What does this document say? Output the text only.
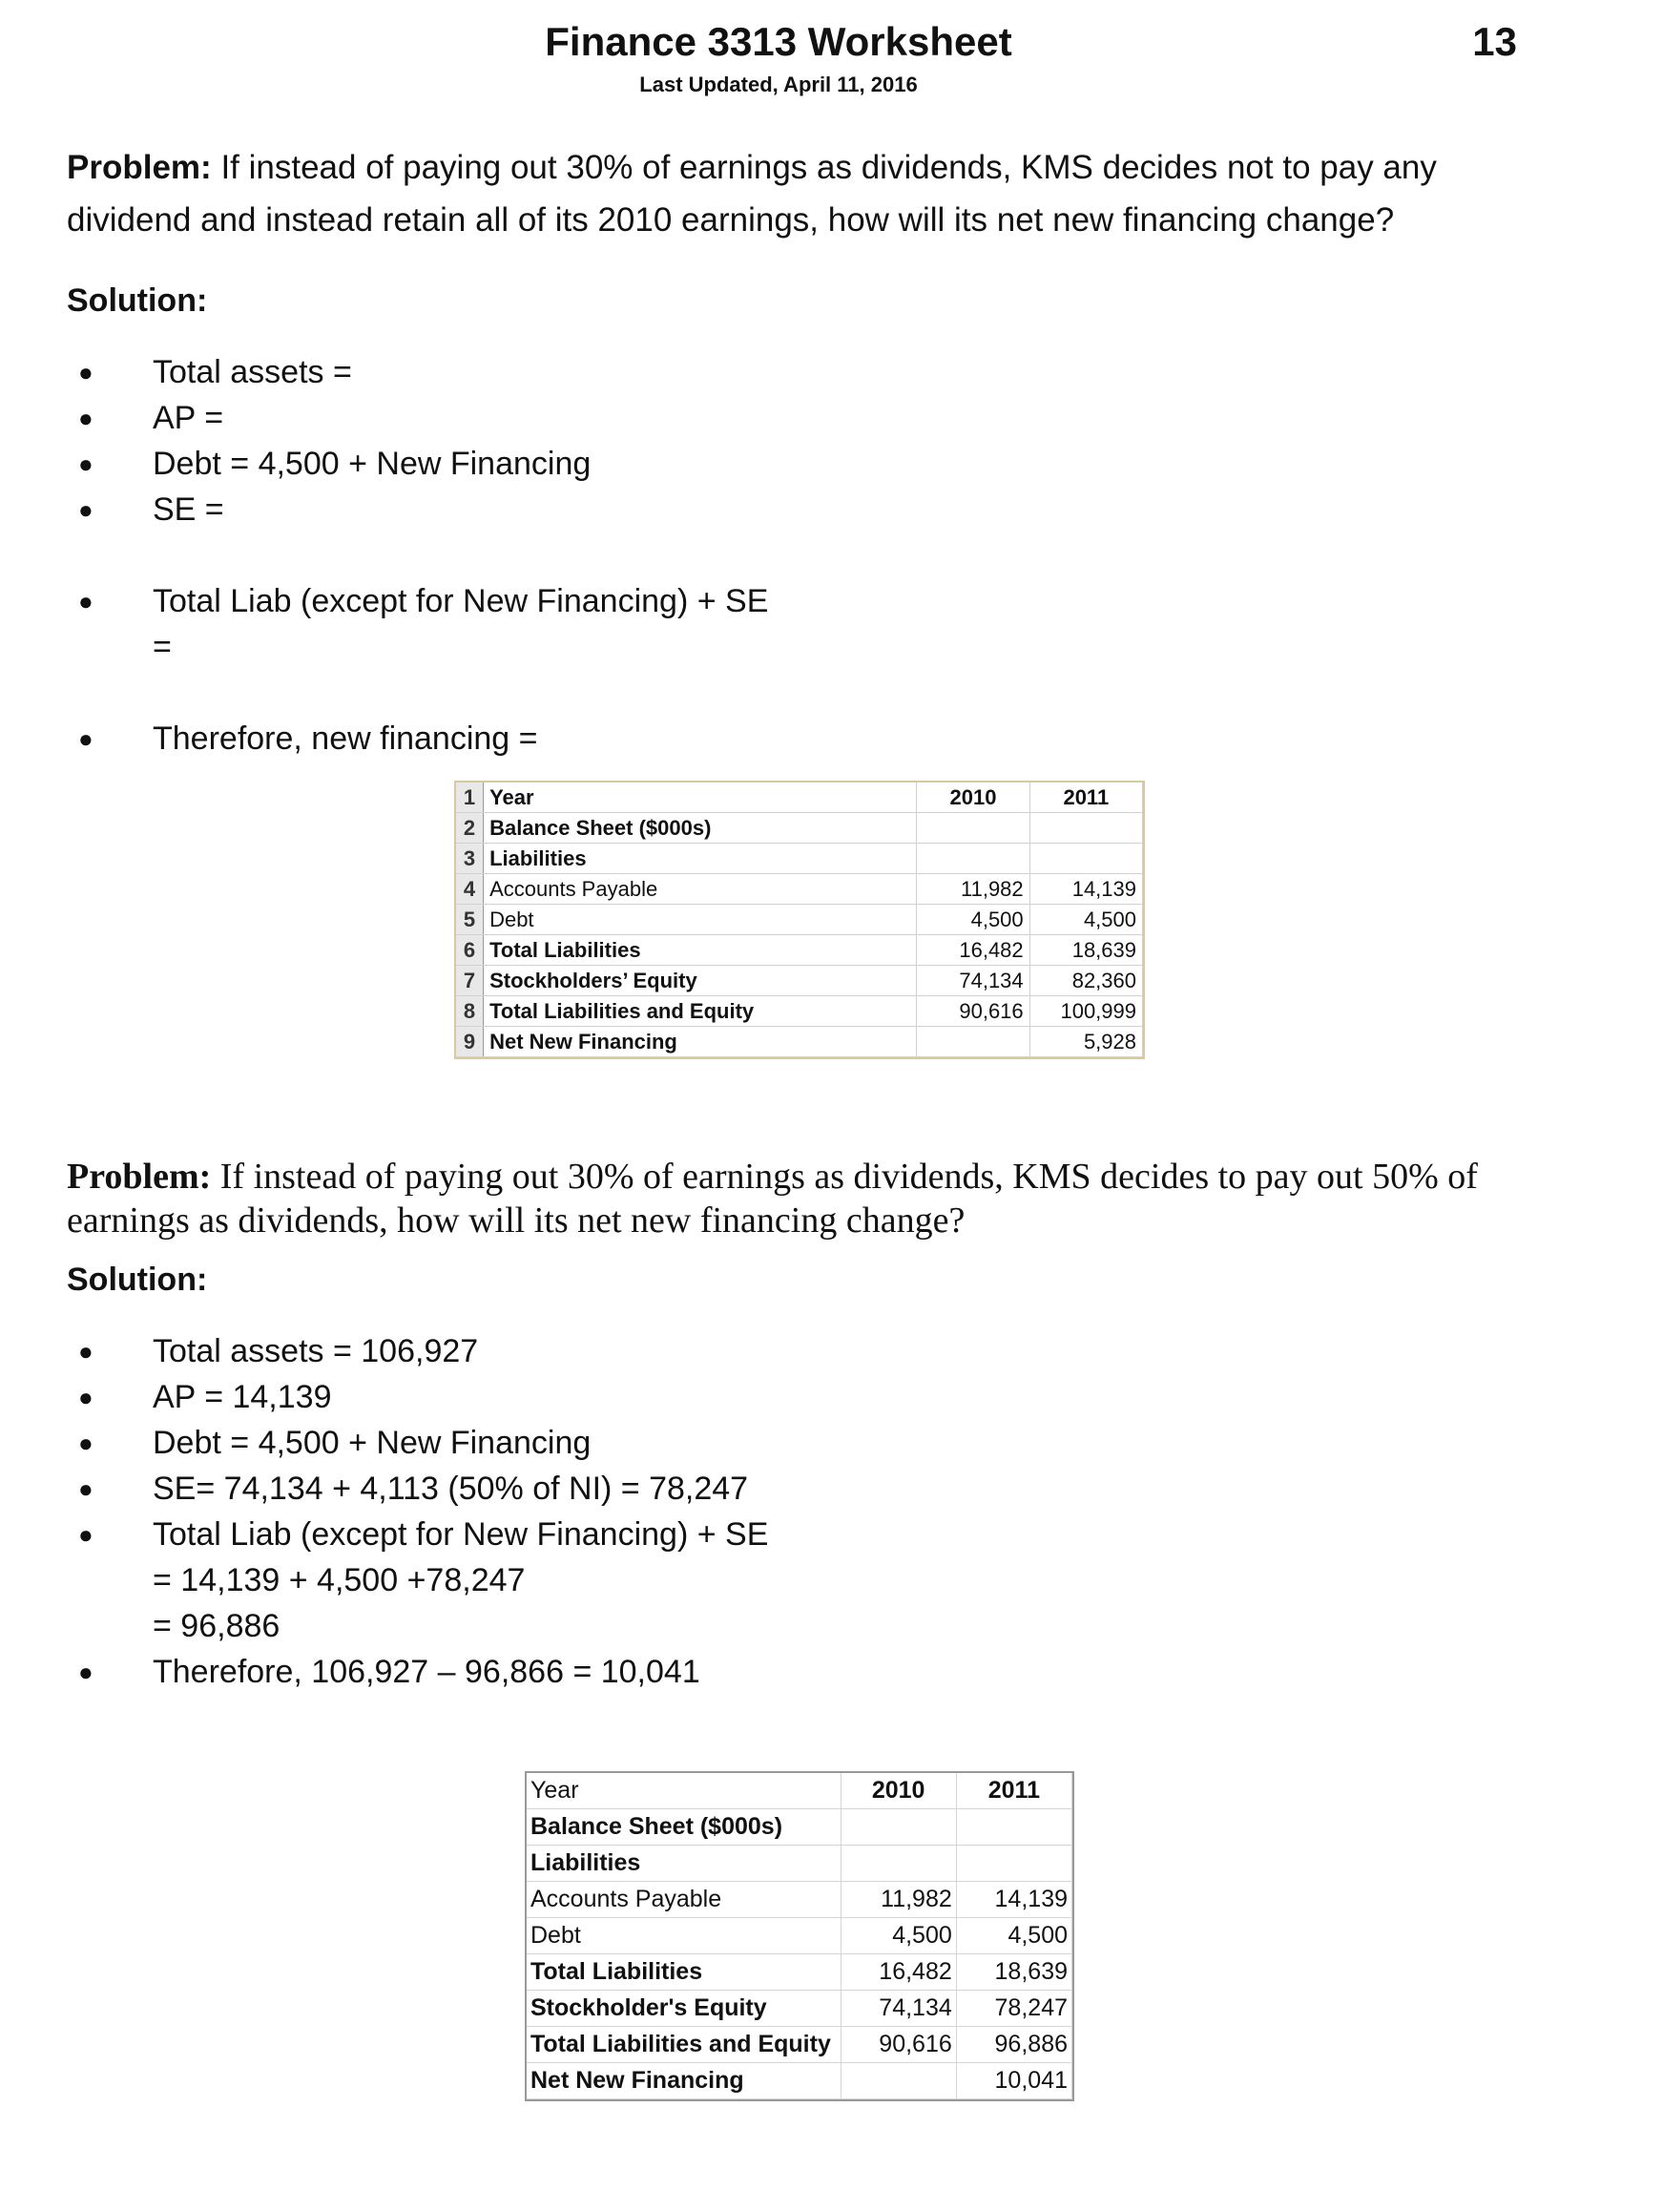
Finance 3313 Worksheet
Last Updated, April 11, 2016
13
Problem: If instead of paying out 30% of earnings as dividends, KMS decides not to pay any dividend and instead retain all of its 2010 earnings, how will its net new financing change?
Solution:
● Total assets =
● AP =
● Debt = 4,500 + New Financing
● SE =
● Total Liab (except for New Financing) + SE
=
● Therefore, new financing =
1	Year	2010	2011
2	Balance Sheet ($000s)		
3	Liabilities		
4	Accounts Payable	11,982	14,139
5	Debt	4,500	4,500
6	Total Liabilities	16,482	18,639
7	Stockholders’ Equity	74,134	82,360
8	Total Liabilities and Equity	90,616	100,999
9	Net New Financing		5,928
Problem: If instead of paying out 30% of earnings as dividends, KMS decides to pay out 50% of earnings as dividends, how will its net new financing change?
Solution:
● Total assets = 106,927
● AP = 14,139
● Debt = 4,500 + New Financing
● SE= 74,134 + 4,113 (50% of NI) = 78,247
● Total Liab (except for New Financing) + SE
= 14,139 + 4,500 +78,247
= 96,886
● Therefore, 106,927 – 96,866 = 10,041
Year	2010	2011
Balance Sheet ($000s)		
Liabilities		
Accounts Payable	11,982	14,139
Debt	4,500	4,500
Total Liabilities	16,482	18,639
Stockholder's Equity	74,134	78,247
Total Liabilities and Equity	90,616	96,886
Net New Financing		10,041
